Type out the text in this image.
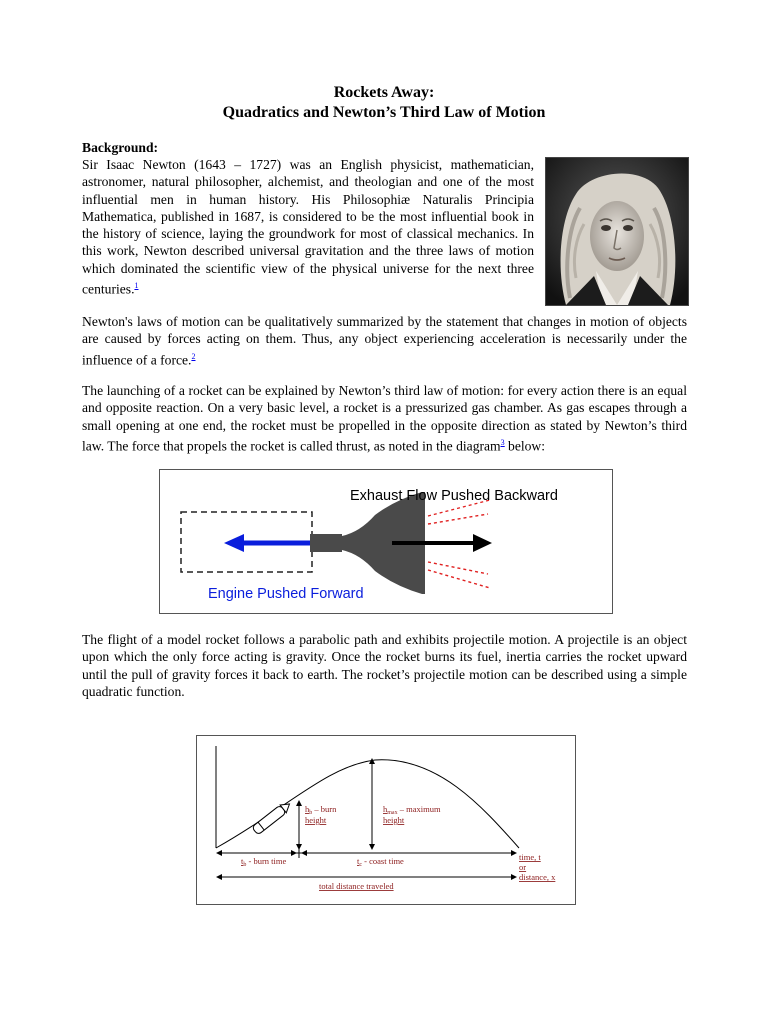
Rockets Away:
Quadratics and Newton’s Third Law of Motion
Background:

Sir Isaac Newton (1643 – 1727) was an English physicist, mathematician, astronomer, natural philosopher, alchemist, and theologian and one of the most influential men in human history. His Philosophiæ Naturalis Principia Mathematica, published in 1687, is considered to be the most influential book in the history of science, laying the groundwork for most of classical mechanics. In this work, Newton described universal gravitation and the three laws of motion which dominated the scientific view of the physical universe for the next three centuries.$^1$

Newton's laws of motion can be qualitatively summarized by the statement that changes in motion of objects are caused by forces acting on them. Thus, any object experiencing acceleration is necessarily under the influence of a force.$^2$

The launching of a rocket can be explained by Newton’s third law of motion: for every action there is an equal and opposite reaction. On a very basic level, a rocket is a pressurized gas chamber. As gas escapes through a small opening at one end, the rocket must be propelled in the opposite direction as stated by Newton’s third law. The force that propels the rocket is called thrust, as noted in the diagram$^3$ below:

Exhaust Flow Pushed Backward
Engine Pushed Forward

The flight of a model rocket follows a parabolic path and exhibits projectile motion. A projectile is an object upon which the only force acting is gravity. Once the rocket burns its fuel, inertia carries the rocket upward until the pull of gravity forces it back to earth. The rocket’s projectile motion can be described using a simple quadratic function.

$h_b$ – burn
height
$h_{max}$ – maximum
height
$t_b$ - burn time	$t_c$ - coast time
total distance traveled
time, t
or
distance, x
